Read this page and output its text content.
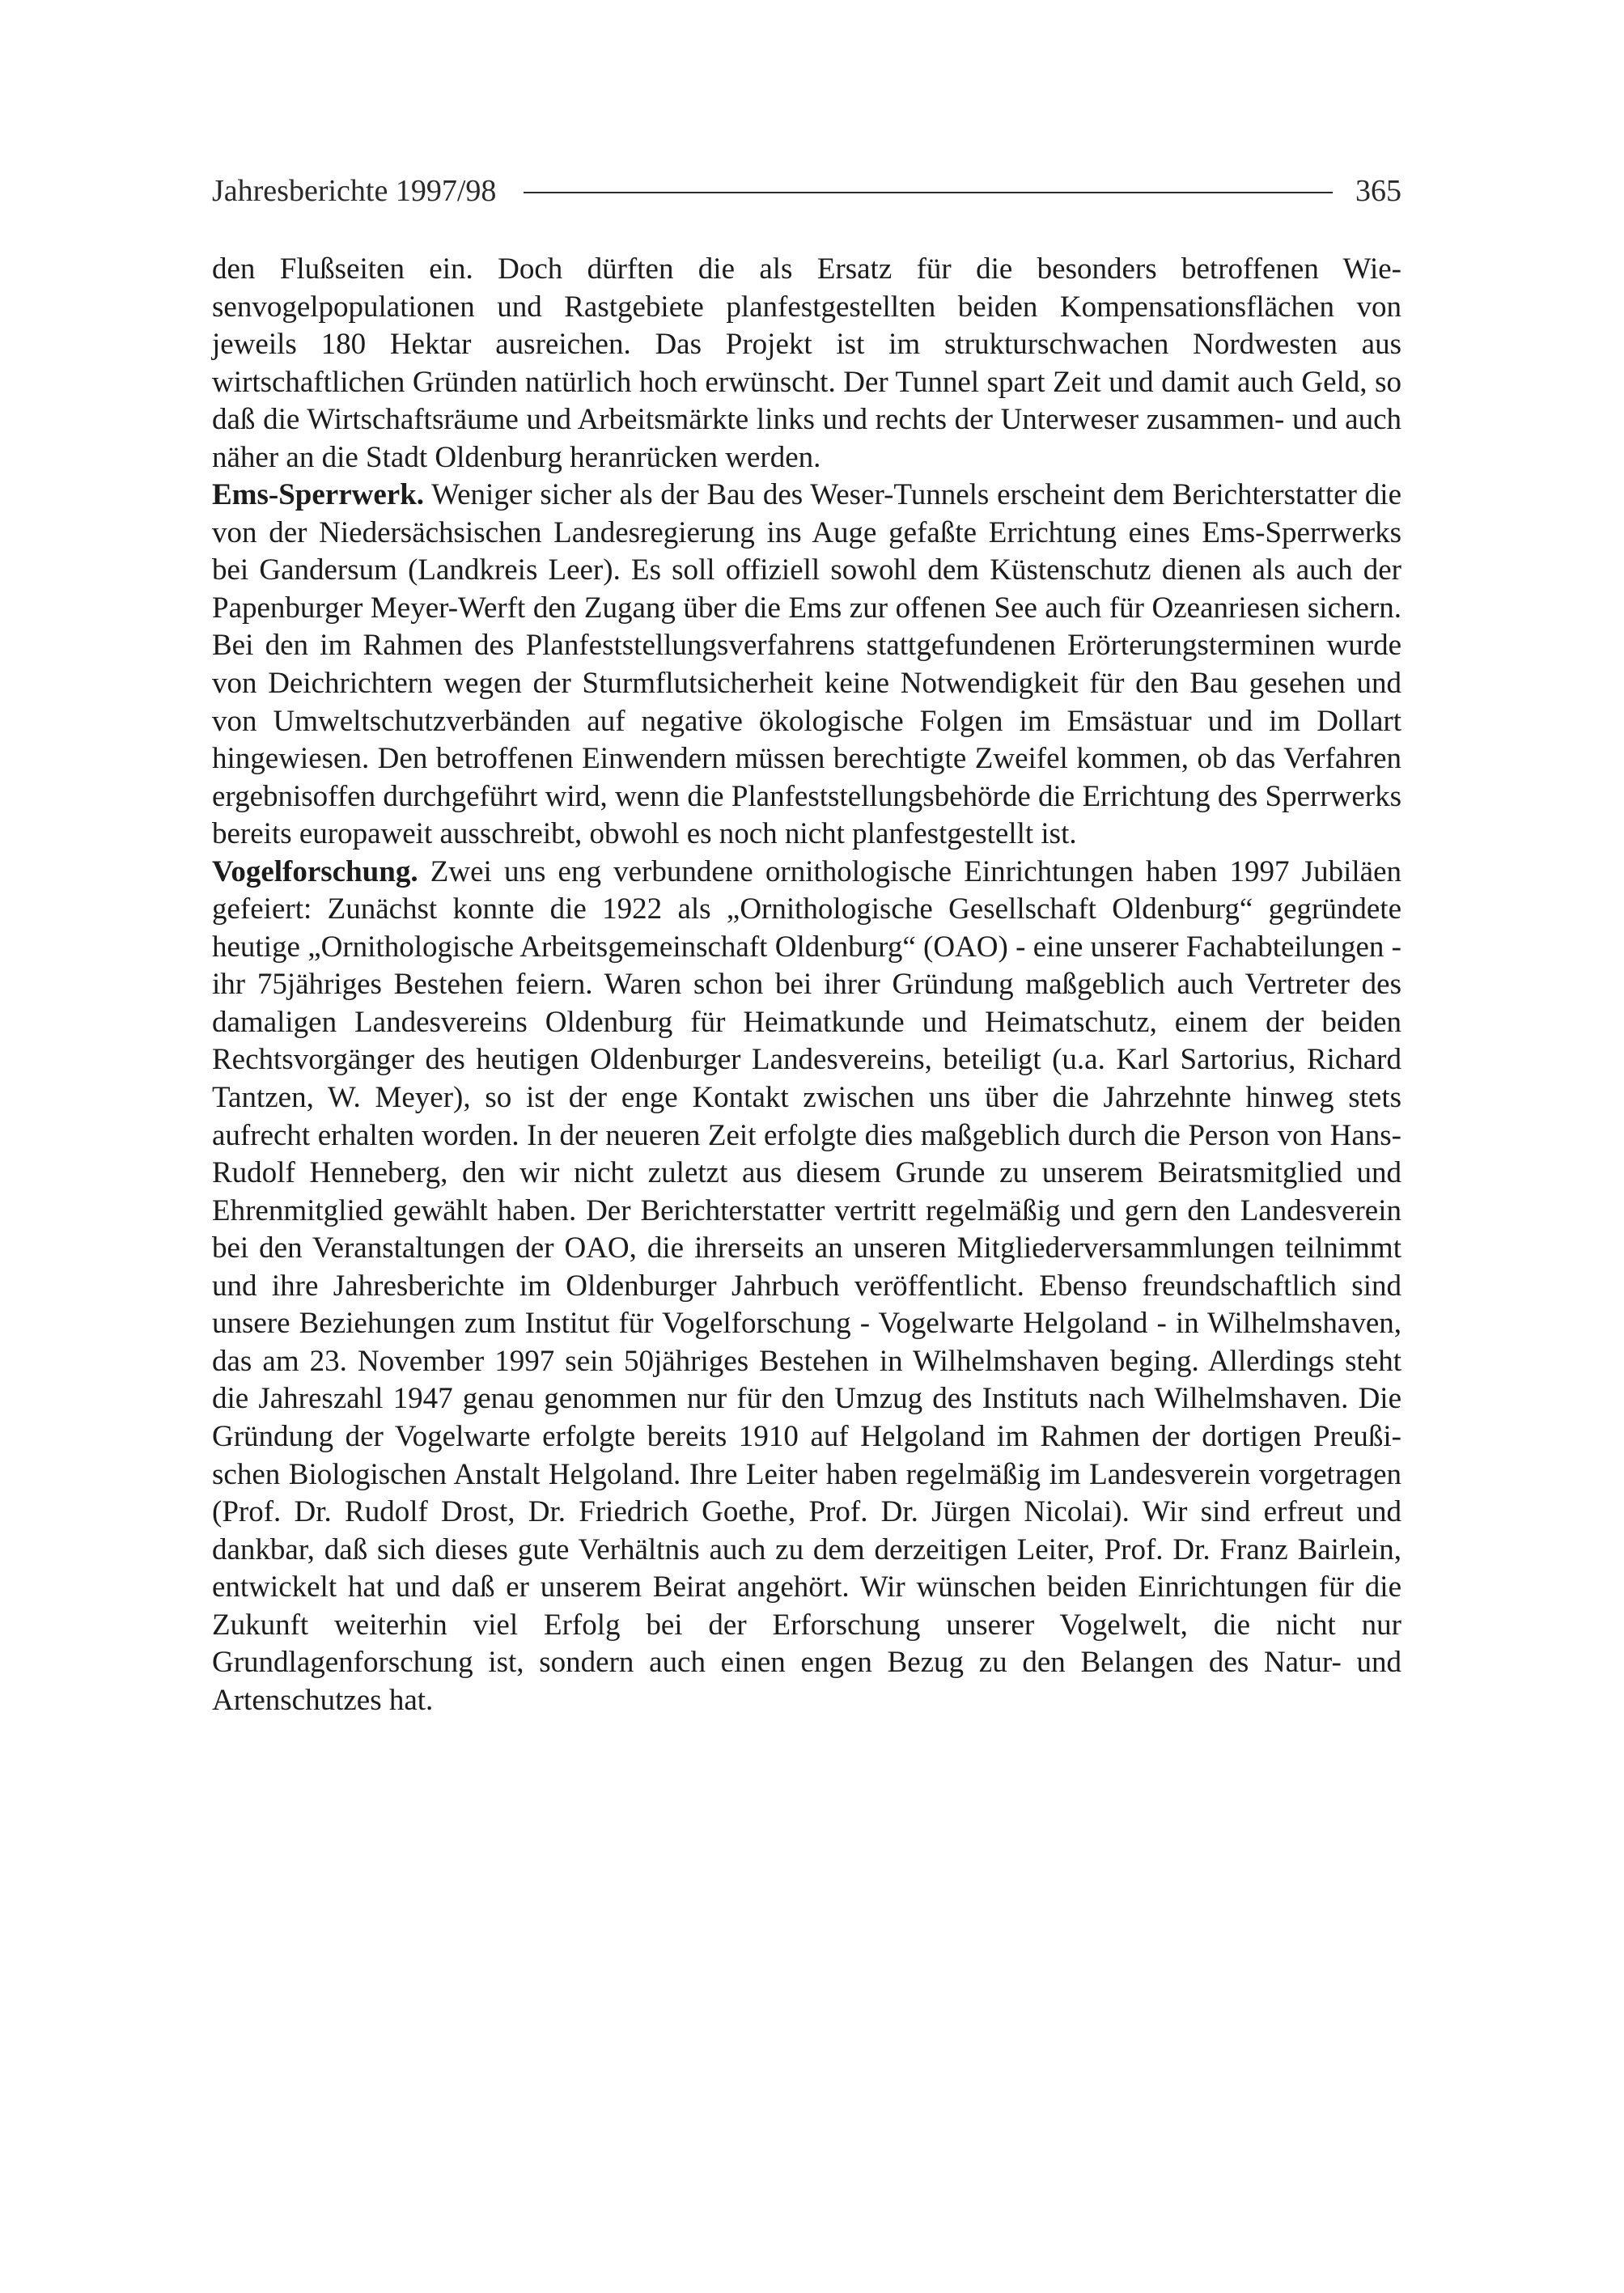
Jahresberichte 1997/98	365

den Flußseiten ein. Doch dürften die als Ersatz für die besonders betroffenen Wiesenvogelpopulationen und Rastgebiete planfestgestellten beiden Kompensationsflächen von jeweils 180 Hektar ausreichen. Das Projekt ist im strukturschwachen Nordwesten aus wirtschaftlichen Gründen natürlich hoch erwünscht. Der Tunnel spart Zeit und damit auch Geld, so daß die Wirtschaftsräume und Arbeitsmärkte links und rechts der Unterweser zusammen- und auch näher an die Stadt Oldenburg heranrücken werden.

Ems-Sperrwerk. Weniger sicher als der Bau des Weser-Tunnels erscheint dem Berichterstatter die von der Niedersächsischen Landesregierung ins Auge gefaßte Errichtung eines Ems-Sperrwerks bei Gandersum (Landkreis Leer). Es soll offiziell sowohl dem Küstenschutz dienen als auch der Papenburger Meyer-Werft den Zugang über die Ems zur offenen See auch für Ozeanriesen sichern. Bei den im Rahmen des Planfeststellungsverfahrens stattgefundenen Erörterungsterminen wurde von Deichrichtern wegen der Sturmflutsicherheit keine Notwendigkeit für den Bau gesehen und von Umweltschutzverbänden auf negative ökologische Folgen im Emsästuar und im Dollart hingewiesen. Den betroffenen Einwendern müssen berechtigte Zweifel kommen, ob das Verfahren ergebnisoffen durchgeführt wird, wenn die Planfeststellungsbehörde die Errichtung des Sperrwerks bereits europaweit ausschreibt, obwohl es noch nicht planfestgestellt ist.

Vogelforschung. Zwei uns eng verbundene ornithologische Einrichtungen haben 1997 Jubiläen gefeiert: Zunächst konnte die 1922 als „Ornithologische Gesellschaft Oldenburg“ gegründete heutige „Ornithologische Arbeitsgemeinschaft Oldenburg“ (OAO) - eine unserer Fachabteilungen - ihr 75jähriges Bestehen feiern. Waren schon bei ihrer Gründung maßgeblich auch Vertreter des damaligen Landesvereins Oldenburg für Heimatkunde und Heimatschutz, einem der beiden Rechtsvorgänger des heutigen Oldenburger Landesvereins, beteiligt (u.a. Karl Sartorius, Richard Tantzen, W. Meyer), so ist der enge Kontakt zwischen uns über die Jahrzehnte hinweg stets aufrecht erhalten worden. In der neueren Zeit erfolgte dies maßgeblich durch die Person von Hans-Rudolf Henneberg, den wir nicht zuletzt aus diesem Grunde zu unserem Beiratsmitglied und Ehrenmitglied gewählt haben. Der Berichterstatter vertritt regelmäßig und gern den Landesverein bei den Veranstaltungen der OAO, die ihrerseits an unseren Mitgliederversammlungen teilnimmt und ihre Jahresberichte im Oldenburger Jahrbuch veröffentlicht. Ebenso freundschaftlich sind unsere Beziehungen zum Institut für Vogelforschung - Vogelwarte Helgoland - in Wilhelmshaven, das am 23. November 1997 sein 50jähriges Bestehen in Wilhelmshaven beging. Allerdings steht die Jahreszahl 1947 genau genommen nur für den Umzug des Instituts nach Wilhelmshaven. Die Gründung der Vogelwarte erfolgte bereits 1910 auf Helgoland im Rahmen der dortigen Preußischen Biologischen Anstalt Helgoland. Ihre Leiter haben regelmäßig im Landesverein vorgetragen (Prof. Dr. Rudolf Drost, Dr. Friedrich Goethe, Prof. Dr. Jürgen Nicolai). Wir sind erfreut und dankbar, daß sich dieses gute Verhältnis auch zu dem derzeitigen Leiter, Prof. Dr. Franz Bairlein, entwickelt hat und daß er unserem Beirat angehört. Wir wünschen beiden Einrichtungen für die Zukunft weiterhin viel Erfolg bei der Erforschung unserer Vogelwelt, die nicht nur Grundlagenforschung ist, sondern auch einen engen Bezug zu den Belangen des Natur- und Artenschutzes hat.
